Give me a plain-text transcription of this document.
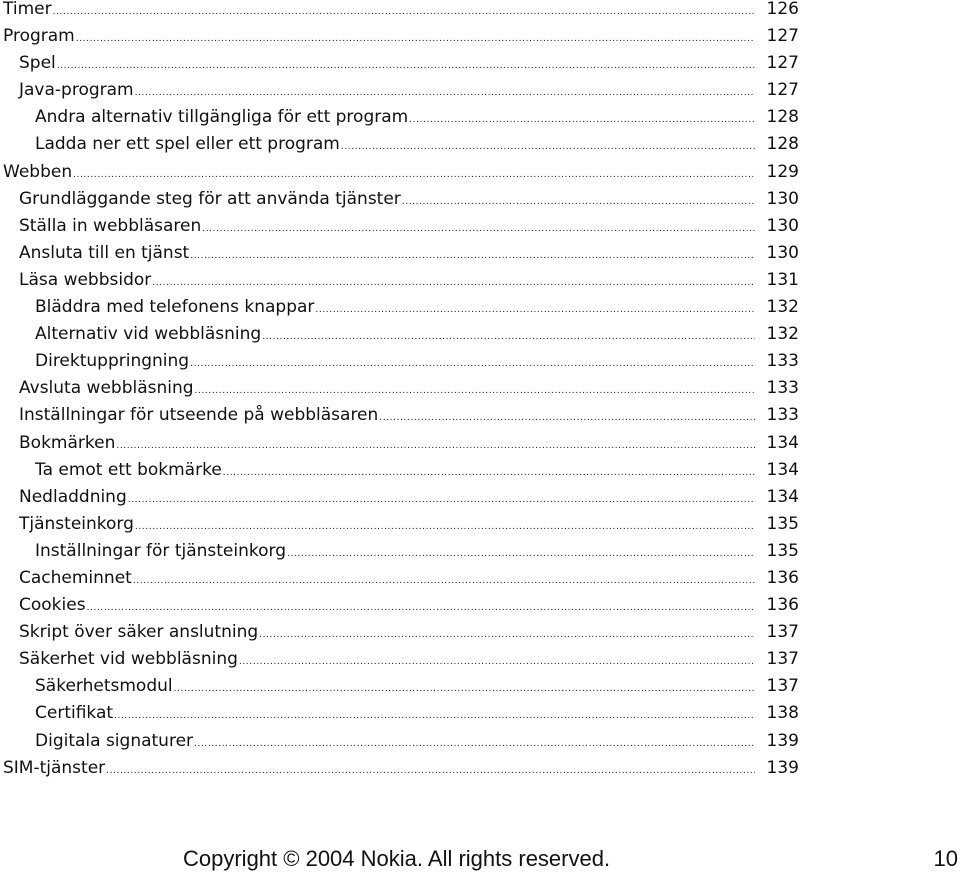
Timer .....	126
Program .....	127
Spel .....	127
Java-program .....	127
Andra alternativ tillgängliga för ett program .....	128
Ladda ner ett spel eller ett program .....	128
Webben .....	129
Grundläggande steg för att använda tjänster .....	130
Ställa in webbläsaren .....	130
Ansluta till en tjänst .....	130
Läsa webbsidor .....	131
Bläddra med telefonens knappar .....	132
Alternativ vid webbläsning .....	132
Direktuppringning .....	133
Avsluta webbläsning .....	133
Inställningar för utseende på webbläsaren .....	133
Bokmärken .....	134
Ta emot ett bokmärke .....	134
Nedladdning .....	134
Tjänsteinkorg .....	135
Inställningar för tjänsteinkorg .....	135
Cacheminnet .....	136
Cookies .....	136
Skript över säker anslutning .....	137
Säkerhet vid webbläsning .....	137
Säkerhetsmodul .....	137
Certifikat .....	138
Digitala signaturer .....	139
SIM-tjänster .....	139
Copyright © 2004 Nokia. All rights reserved.	10
